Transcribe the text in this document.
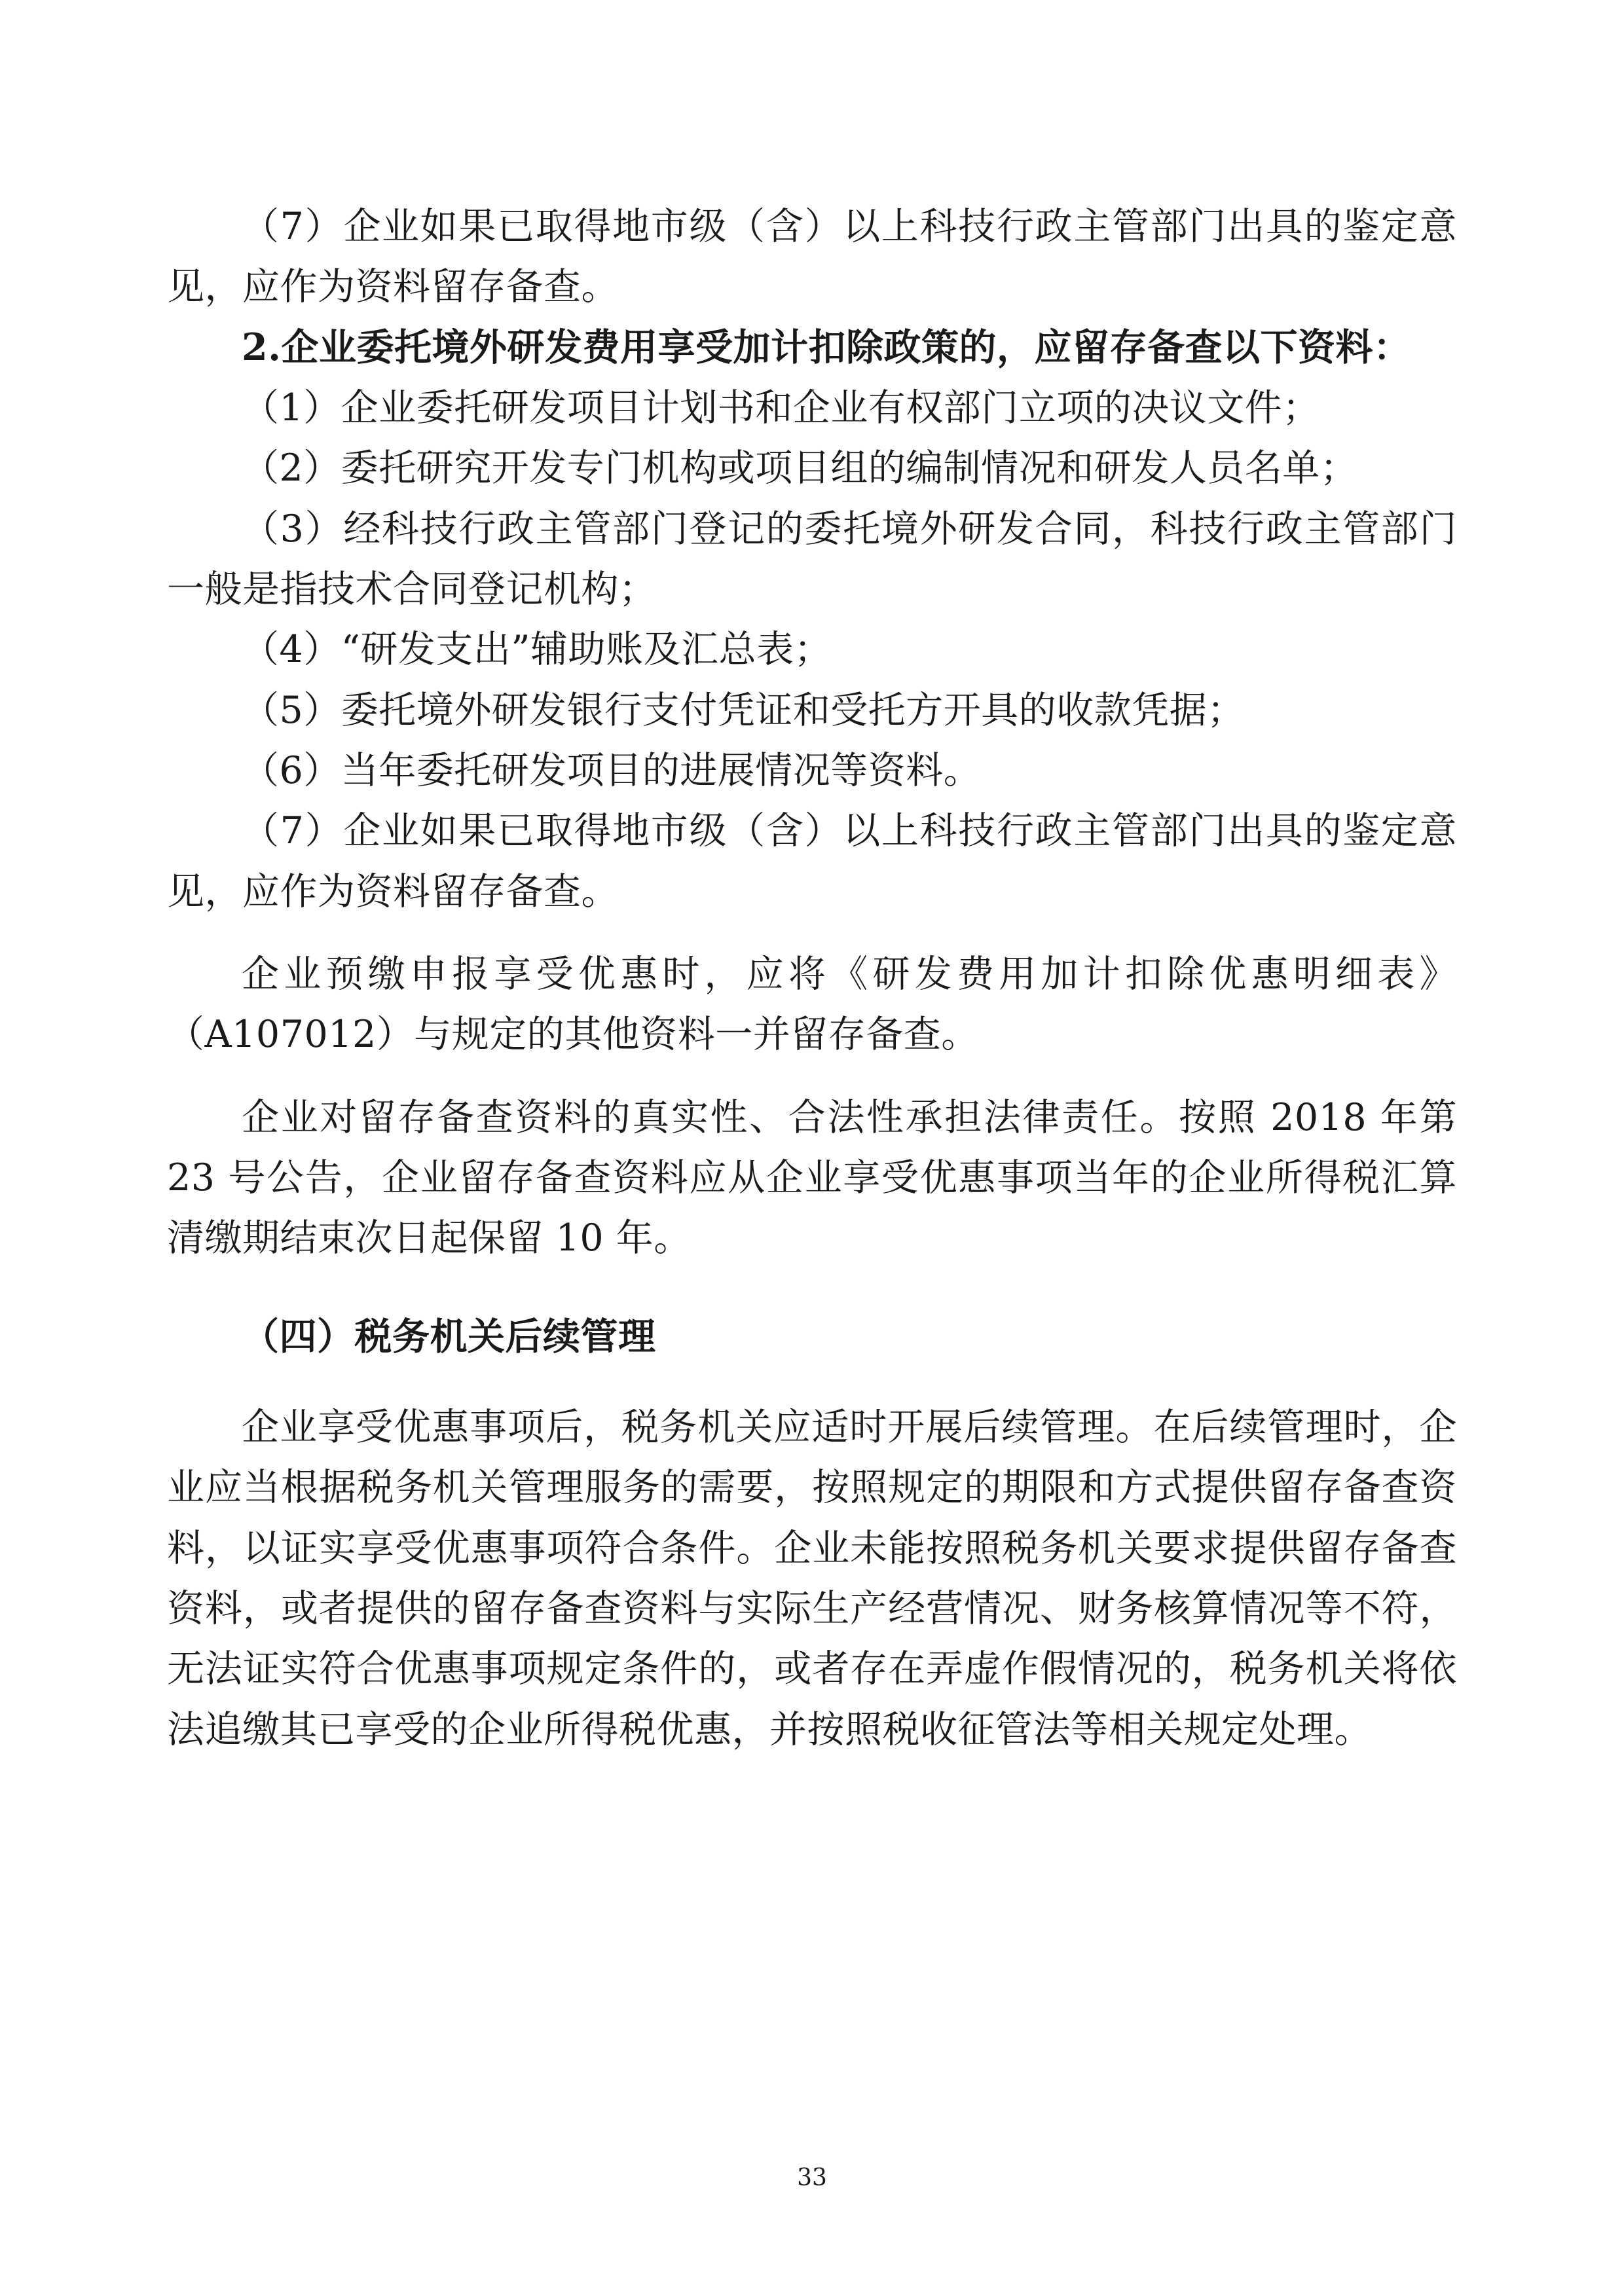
（7）企业如果已取得地市级（含）以上科技行政主管部门出具的鉴定意见，应作为资料留存备查。

2.企业委托境外研发费用享受加计扣除政策的，应留存备查以下资料：

（1）企业委托研发项目计划书和企业有权部门立项的决议文件；

（2）委托研究开发专门机构或项目组的编制情况和研发人员名单；

（3）经科技行政主管部门登记的委托境外研发合同，科技行政主管部门一般是指技术合同登记机构；

（4）“研发支出”辅助账及汇总表；

（5）委托境外研发银行支付凭证和受托方开具的收款凭据；

（6）当年委托研发项目的进展情况等资料。

（7）企业如果已取得地市级（含）以上科技行政主管部门出具的鉴定意见，应作为资料留存备查。

企业预缴申报享受优惠时，应将《研发费用加计扣除优惠明细表》（A107012）与规定的其他资料一并留存备查。

企业对留存备查资料的真实性、合法性承担法律责任。按照 2018 年第 23 号公告，企业留存备查资料应从企业享受优惠事项当年的企业所得税汇算清缴期结束次日起保留 10 年。

（四）税务机关后续管理

企业享受优惠事项后，税务机关应适时开展后续管理。在后续管理时，企业应当根据税务机关管理服务的需要，按照规定的期限和方式提供留存备查资料，以证实享受优惠事项符合条件。企业未能按照税务机关要求提供留存备查资料，或者提供的留存备查资料与实际生产经营情况、财务核算情况等不符，无法证实符合优惠事项规定条件的，或者存在弄虚作假情况的，税务机关将依法追缴其已享受的企业所得税优惠，并按照税收征管法等相关规定处理。

33
